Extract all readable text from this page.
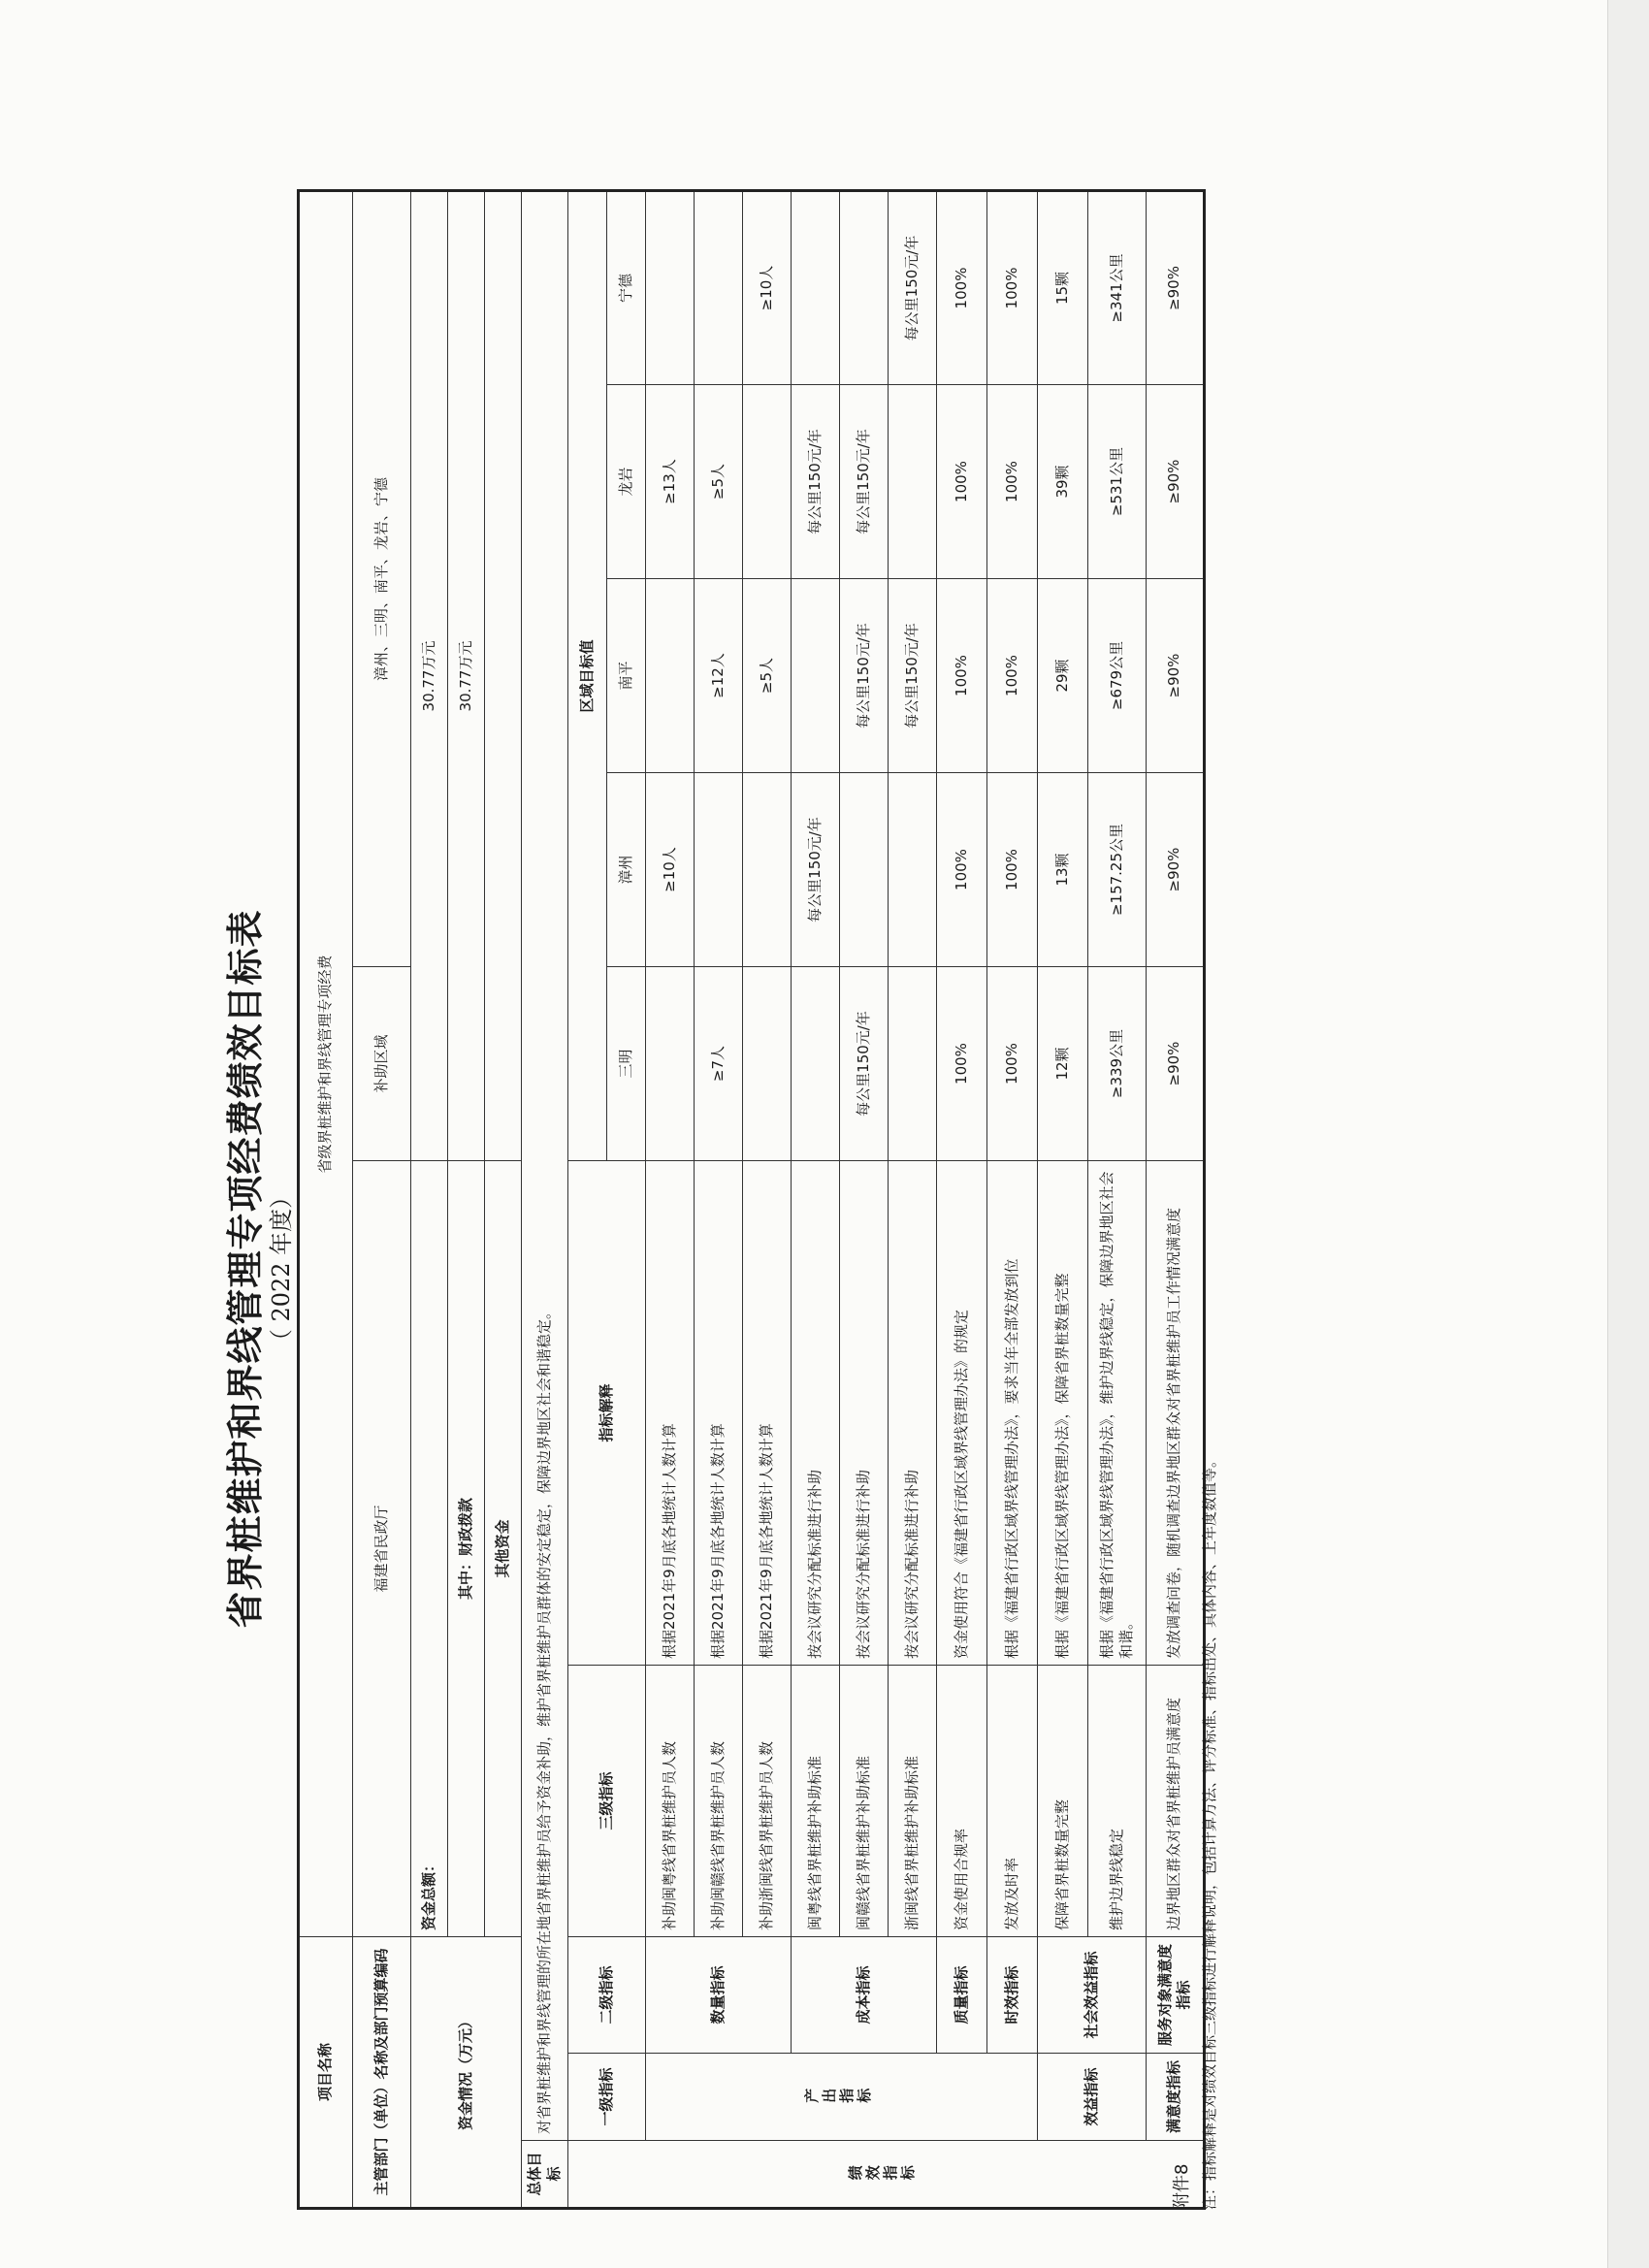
省界桩维护和界线管理专项经费绩效目标表 （ 2022 年度）
附件8
项目名称			省级界桩维护和界线管理专项经费						
主管部门（单位）名称及部门预算编码			福建省民政厅		补助区域	漳州、三明、南平、龙岩、宁德			
资金情况（万元）			资金总额：		30.77万元				
			其中：财政拨款		30.77万元				
			其他资金						
总体目标	对省界桩维护和界线管理的所在地省界桩维护员给予资金补助，维护省界桩维护员群体的安定稳定，保障边界地区社会和谐稳定。								
绩效指标	一级指标	二级指标	三级指标	指标解释	区域目标值				
					三明	漳州	南平	龙岩	宁德
	产出指标	数量指标	补助闽粤线省界桩维护员人数	根据2021年9月底各地统计人数计算		≥10人		≥13人	
			补助闽赣线省界桩维护员人数	根据2021年9月底各地统计人数计算	≥7人		≥12人	≥5人	
			补助浙闽线省界桩维护员人数	根据2021年9月底各地统计人数计算			≥5人		≥10人
		成本指标	闽粤线省界桩维护补助标准	按会议研究分配标准进行补助		每公里150元/年		每公里150元/年	
			闽赣线省界桩维护补助标准	按会议研究分配标准进行补助	每公里150元/年		每公里150元/年	每公里150元/年	
			浙闽线省界桩维护补助标准	按会议研究分配标准进行补助			每公里150元/年		每公里150元/年
		质量指标	资金使用合规率	资金使用符合《福建省行政区域界线管理办法》的规定	100%	100%	100%	100%	100%
		时效指标	发放及时率	根据《福建省行政区域界线管理办法》，要求当年全部发放到位	100%	100%	100%	100%	100%
	效益指标	社会效益指标	保障省界桩数量完整	根据《福建省行政区域界线管理办法》，保障省界桩数量完整	12颗	13颗	29颗	39颗	15颗
			维护边界线稳定	根据《福建省行政区域界线管理办法》，维护边界线稳定，保障边界地区社会和谐。	≥339公里	≥157.25公里	≥679公里	≥531公里	≥341公里
	满意度指标	服务对象满意度指标	边界地区群众对省界桩维护员满意度	发放调查问卷，随机调查边界地区群众对省界桩维护员工作情况满意度	≥90%	≥90%	≥90%	≥90%	≥90%
注：指标解释是对绩效目标三级指标进行解释说明，包括计算方法、评分标准、指标出处、具体内容、上年度数值等。
